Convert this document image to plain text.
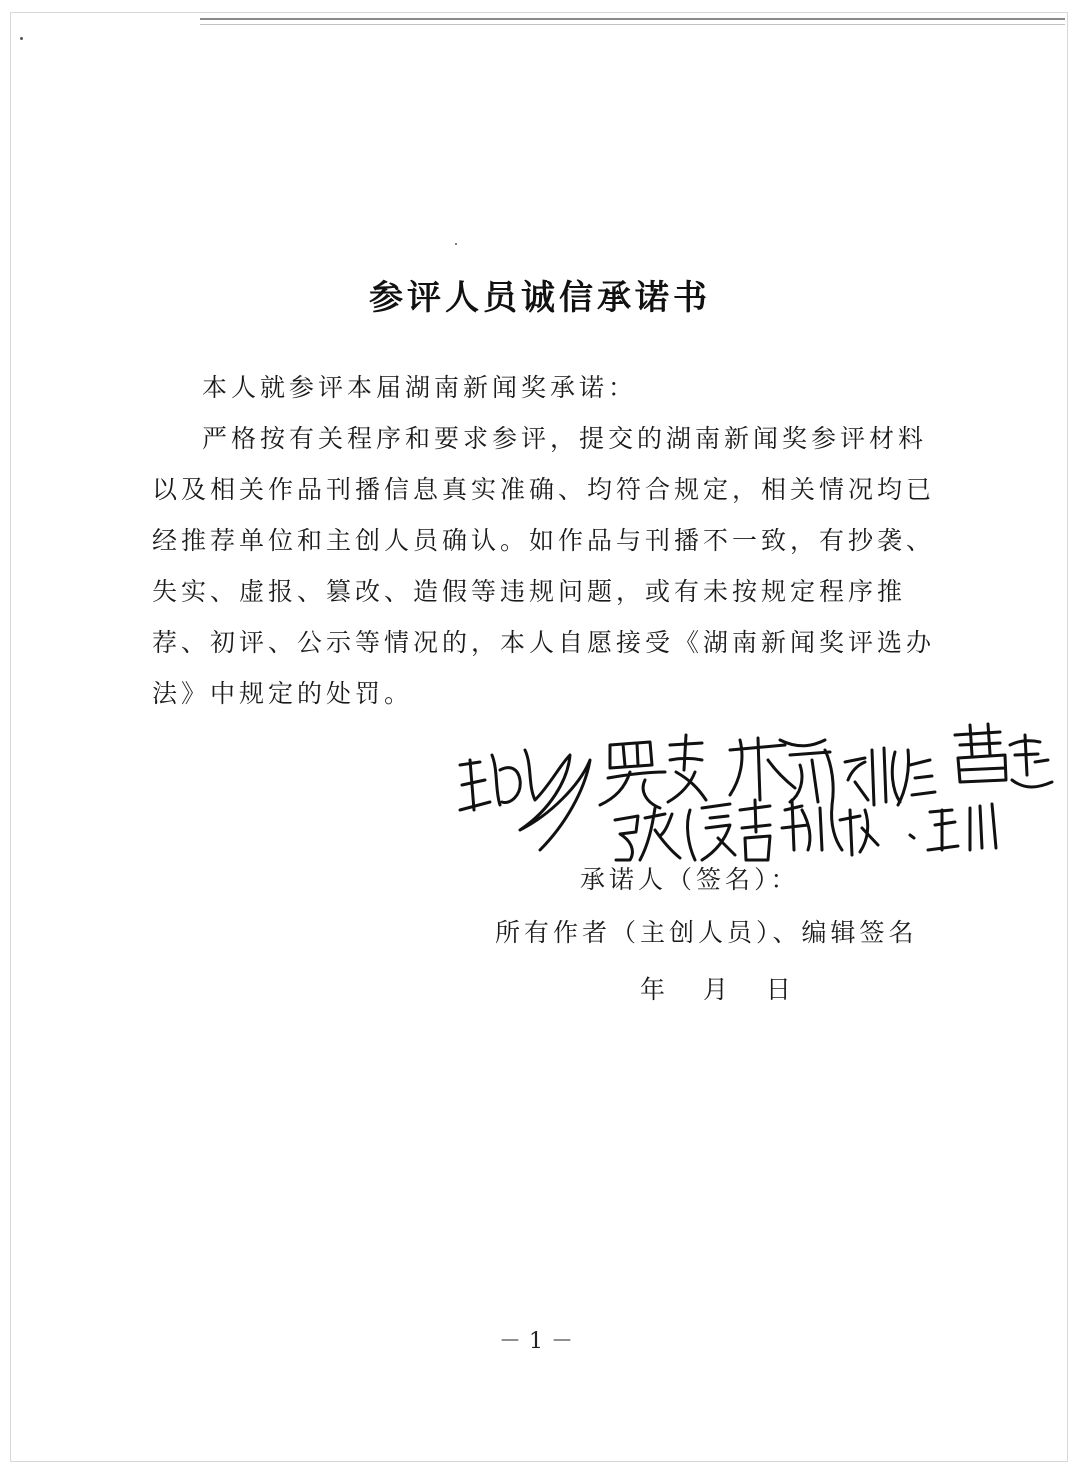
参评人员诚信承诺书

本人就参评本届湖南新闻奖承诺：

严格按有关程序和要求参评，提交的湖南新闻奖参评材料以及相关作品刊播信息真实准确、均符合规定，相关情况均已经推荐单位和主创人员确认。如作品与刊播不一致，有抄袭、失实、虚报、篡改、造假等违规问题，或有未按规定程序推荐、初评、公示等情况的，本人自愿接受《湖南新闻奖评选办法》中规定的处罚。

承诺人（签名）：
所有作者（主创人员）、编辑签名
年 月 日
－1－
